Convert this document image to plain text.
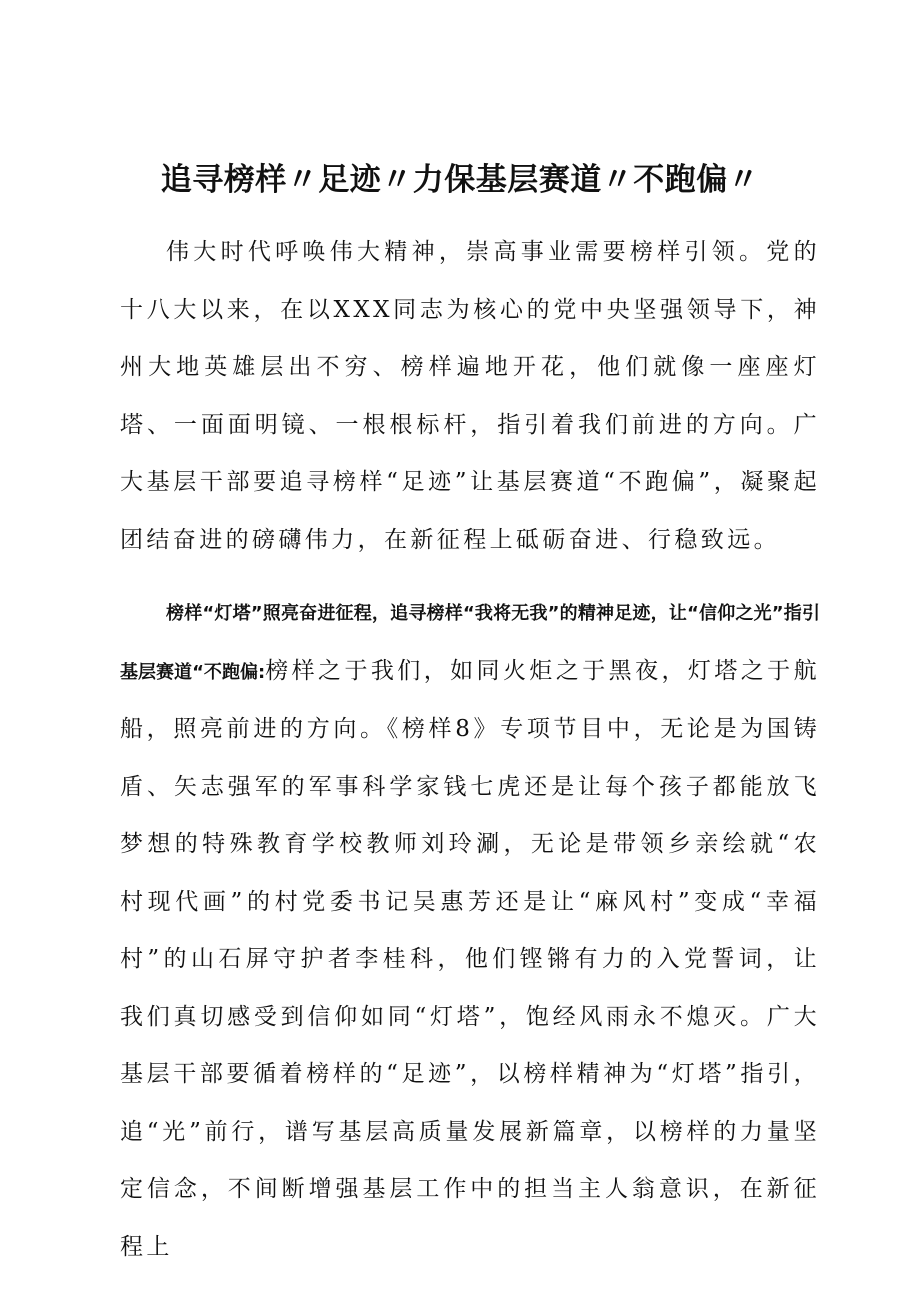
追寻榜样〃足迹〃力保基层赛道〃不跑偏〃

伟大时代呼唤伟大精神，崇高事业需要榜样引领。党的十八大以来，在以XXX同志为核心的党中央坚强领导下，神州大地英雄层出不穷、榜样遍地开花，他们就像一座座灯塔、一面面明镜、一根根标杆，指引着我们前进的方向。广大基层干部要追寻榜样“足迹”让基层赛道“不跑偏”，凝聚起团结奋进的磅礴伟力，在新征程上砥砺奋进、行稳致远。

榜样“灯塔”照亮奋进征程，追寻榜样“我将无我”的精神足迹，让“信仰之光”指引基层赛道“不跑偏:榜样之于我们，如同火炬之于黑夜，灯塔之于航船，照亮前进的方向。《榜样8》专项节目中，无论是为国铸盾、矢志强军的军事科学家钱七虎还是让每个孩子都能放飞梦想的特殊教育学校教师刘玲涮，无论是带领乡亲绘就“农村现代画”的村党委书记吴惠芳还是让“麻风村”变成“幸福村”的山石屏守护者李桂科，他们铿锵有力的入党誓词，让我们真切感受到信仰如同“灯塔”，饱经风雨永不熄灭。广大基层干部要循着榜样的“足迹”，以榜样精神为“灯塔”指引，追“光”前行，谱写基层高质量发展新篇章，以榜样的力量坚定信念，不间断增强基层工作中的担当主人翁意识，在新征程上
